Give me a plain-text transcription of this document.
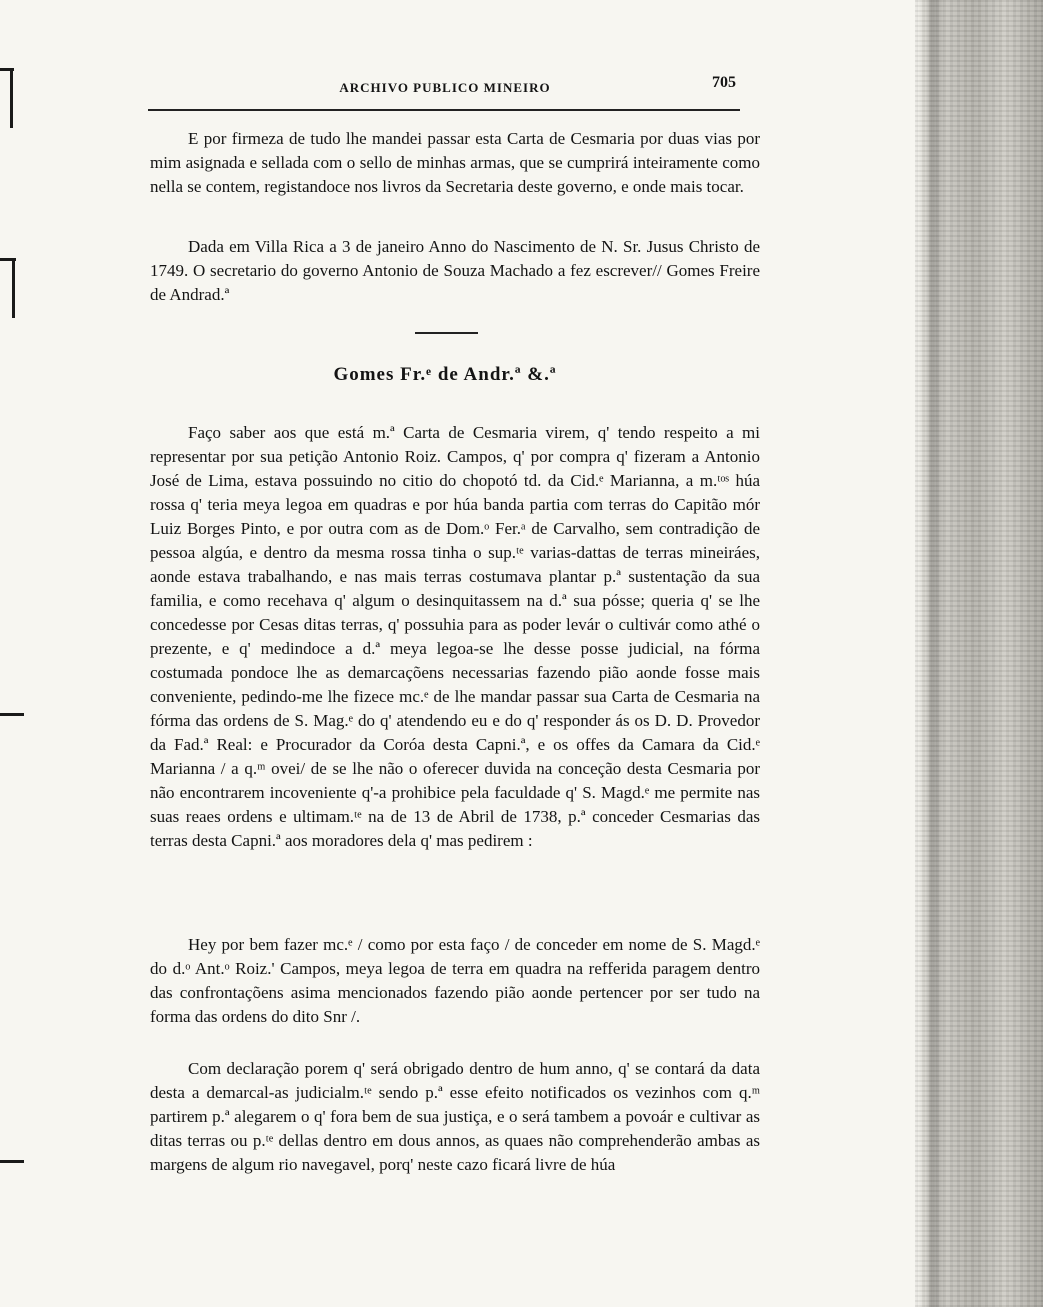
ARCHIVO PUBLICO MINEIRO	705

E por firmeza de tudo lhe mandei passar esta Carta de Cesmaria por duas vias por mim asignada e sellada com o sello de minhas armas, que se cumprirá inteiramente como nella se contem, registandoce nos livros da Secretaria deste governo, e onde mais tocar.

Dada em Villa Rica a 3 de janeiro Anno do Nascimento de N. Sr. Jusus Christo de 1749. O secretario do governo Antonio de Souza Machado a fez escrever// Gomes Freire de Andrad.ª

Gomes Fr.ᵉ de Andr.ª &.ª

Faço saber aos que está m.ª Carta de Cesmaria virem, q' tendo respeito a mi representar por sua petição Antonio Roiz. Campos, q' por compra q' fizeram a Antonio José de Lima, estava possuindo no citio do chopotó td. da Cid.ᵉ Marianna, a m.ᵗᵒˢ húa rossa q' teria meya legoa em quadras e por húa banda partia com terras do Capitão mór Luiz Borges Pinto, e por outra com as de Dom.ᵒ Fer.ᵃ de Carvalho, sem contradição de pessoa algúa, e dentro da mesma rossa tinha o sup.ᵗᵉ varias-dattas de terras mineiráes, aonde estava trabalhando, e nas mais terras costumava plantar p.ª sustentação da sua familia, e como recehava q' algum o desinquitassem na d.ª sua pósse; queria q' se lhe concedesse por Cesas ditas terras, q' possuhia para as poder levár o cultivár como athé o prezente, e q' medindoce a d.ª meya legoa-se lhe desse posse judicial, na fórma costumada pondoce lhe as demarcaçõens necessarias fazendo pião aonde fosse mais conveniente, pedindo-me lhe fizece mc.ᵉ de lhe mandar passar sua Carta de Cesmaria na fórma das ordens de S. Mag.ᵉ do q' atendendo eu e do q' responder ás os D. D. Provedor da Fad.ª Real: e Procurador da Coróa desta Capni.ª, e os offes da Camara da Cid.ᵉ Marianna / a q.ᵐ ovei/ de se lhe não o oferecer duvida na conceção desta Cesmaria por não encontrarem incoveniente q'-a prohibice pela faculdade q' S. Magd.ᵉ me permite nas suas reaes ordens e ultimam.ᵗᵉ na de 13 de Abril de 1738, p.ª conceder Cesmarias das terras desta Capni.ª aos moradores dela q' mas pedirem :

Hey por bem fazer mc.ᵉ / como por esta faço / de conceder em nome de S. Magd.ᵉ do d.ᵒ Ant.ᵒ Roiz.' Campos, meya legoa de terra em quadra na refferida paragem dentro das confrontaçõens asima mencionados fazendo pião aonde pertencer por ser tudo na forma das ordens do dito Snr /.

Com declaração porem q' será obrigado dentro de hum anno, q' se contará da data desta a demarcal-as judicialm.ᵗᵉ sendo p.ª esse efeito notificados os vezinhos com q.ᵐ partirem p.ª alegarem o q' fora bem de sua justiça, e o será tambem a povoár e cultivar as ditas terras ou p.ᵗᵉ dellas dentro em dous annos, as quaes não comprehenderão ambas as margens de algum rio navegavel, porq' neste cazo ficará livre de húa
